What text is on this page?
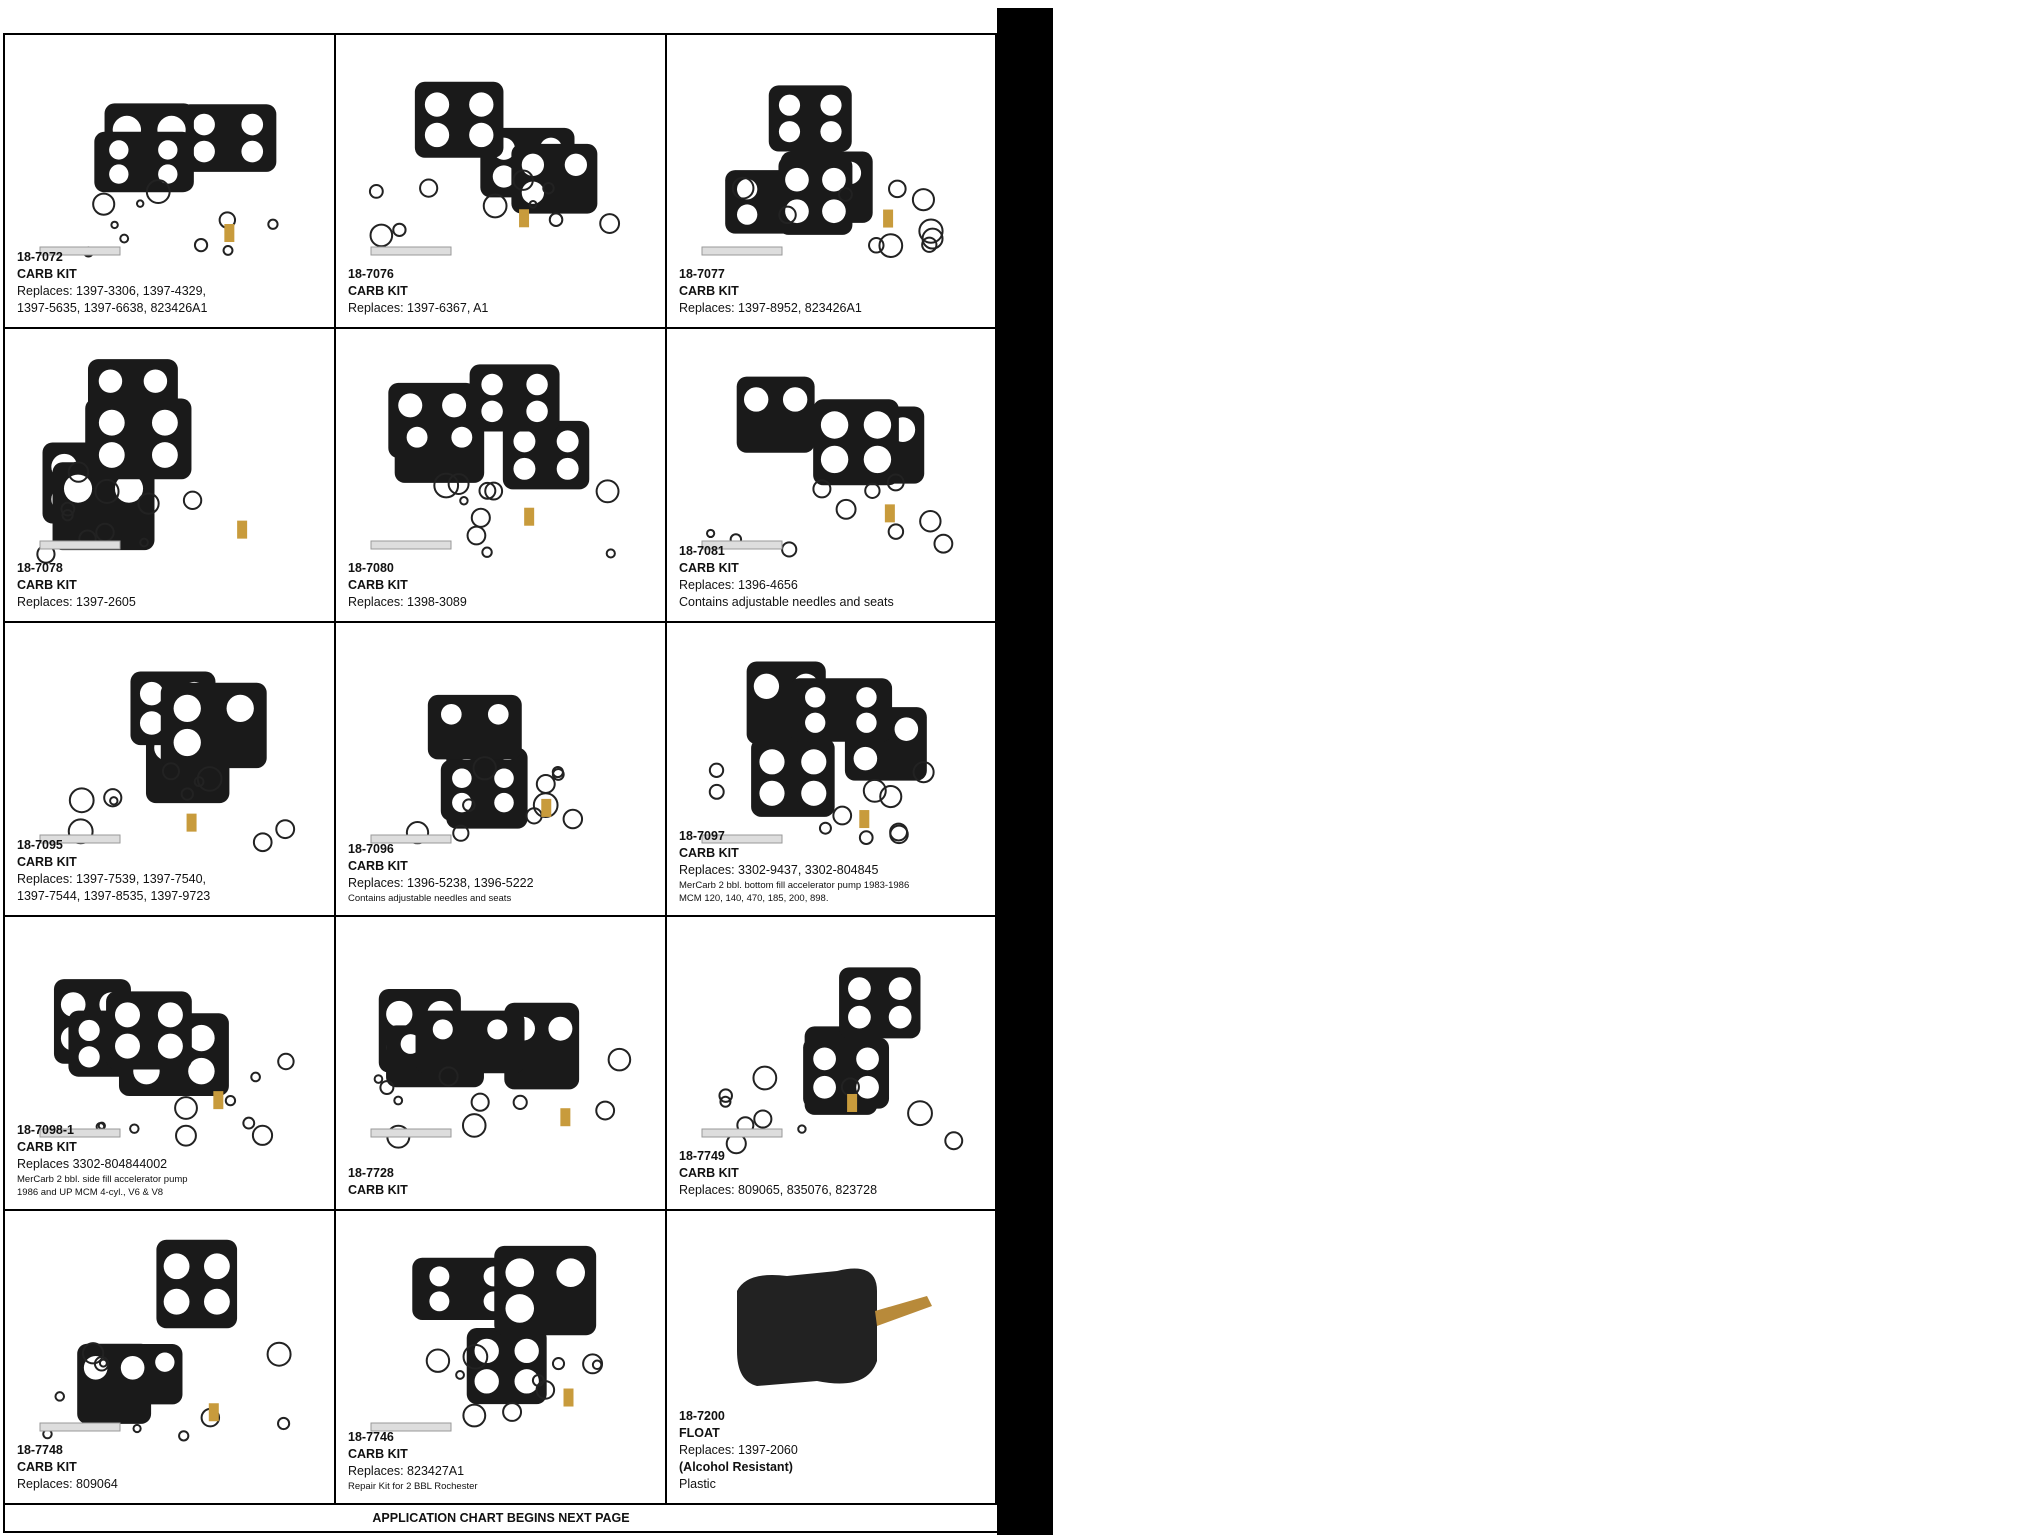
I/O — MERCRUISER - Fuel System
18-7072
CARB KIT
Replaces: 1397-3306, 1397-4329,
1397-5635, 1397-6638, 823426A1
18-7076
CARB KIT
Replaces: 1397-6367, A1
18-7077
CARB KIT
Replaces: 1397-8952, 823426A1
18-7078
CARB KIT
Replaces: 1397-2605
18-7080
CARB KIT
Replaces: 1398-3089
18-7081
CARB KIT
Replaces: 1396-4656
Contains adjustable needles and seats
18-7095
CARB KIT
Replaces: 1397-7539, 1397-7540,
1397-7544, 1397-8535, 1397-9723
18-7096
CARB KIT
Replaces: 1396-5238, 1396-5222
Contains adjustable needles and seats
18-7097
CARB KIT
Replaces: 3302-9437, 3302-804845
MerCarb 2 bbl. bottom fill accelerator pump 1983-1986
MCM 120, 140, 470, 185, 200, 898.
18-7098-1
CARB KIT
Replaces 3302-804844002
MerCarb 2 bbl. side fill accelerator pump
1986 and UP MCM 4-cyl., V6 & V8
18-7728
CARB KIT
18-7749
CARB KIT
Replaces: 809065, 835076, 823728
18-7748
CARB KIT
Replaces: 809064
18-7746
CARB KIT
Replaces: 823427A1
Repair Kit for 2 BBL Rochester
18-7200
FLOAT
Replaces: 1397-2060
(Alcohol Resistant)
Plastic
APPLICATION CHART BEGINS NEXT PAGE
